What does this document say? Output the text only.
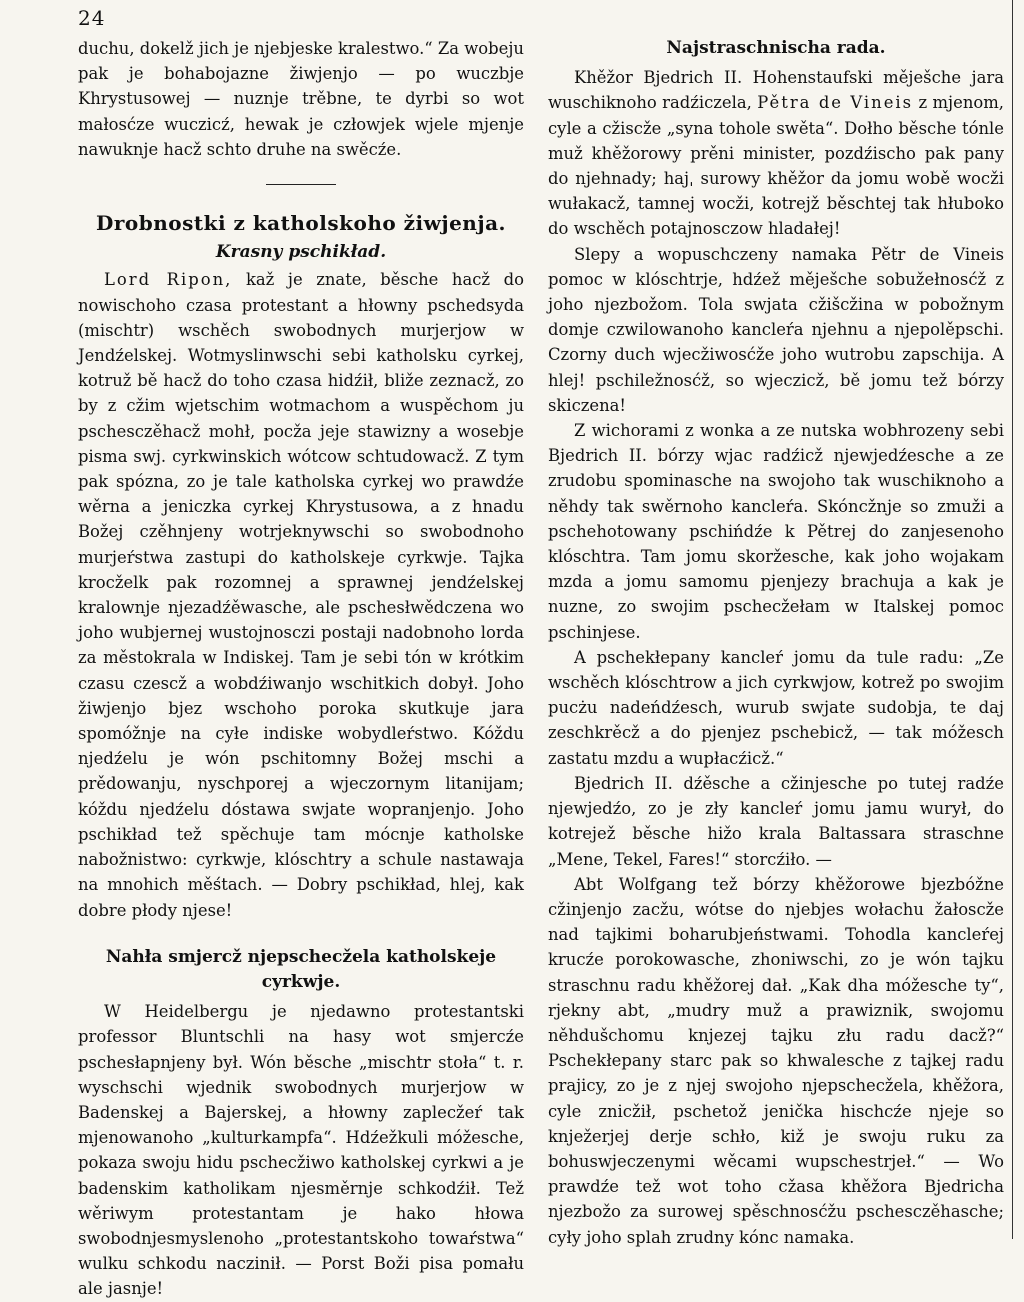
24

duchu, dokelž jich je njebjeske kralestwo.“ Za wobeju pak je bohabojazne žiwjenjo — po wuczbje Khrystusowej — nuznje trěbne, te dyrbi so wot małosćze wuczicź, hewak je człowjek wjele mjenje nawuknje hacž schto druhe na swěcźe.

Drobnostki z katholskoho žiwjenja.
Krasny pschikład.

Lord Ripon, kaž je znate, běsche hacž do nowischoho czasa protestant a hłowny pschedsyda (mischtr) wschěch swobodnych murjerjow w Jendźelskej. Wotmyslinwschi sebi katholsku cyrkej, kotruž bě hacž do toho czasa hidźił, bliže zeznacž, zo by z cžim wjetschim wotmachom a wuspěchom ju pschesczěhacž mohł, pocža jeje stawizny a wosebje pisma swj. cyrkwinskich wótcow schtudowacž. Z tym pak spózna, zo je tale katholska cyrkej wo prawdźe wěrna a jeniczka cyrkej Khrystusowa, a z hnadu Božej czěhnjeny wotrjeknywschi so swobodnoho murjeŕstwa zastupi do katholskeje cyrkwje. Tajka krocželk pak rozomnej a sprawnej jendźelskej kralownje njezadźěwasche, ale pschesłwědczena wo joho wubjernej wustojnosczi postaji nadobnoho lorda za městokrala w Indiskej. Tam je sebi tón w krótkim czasu czescž a wobdźiwanjo wschitkich dobył. Joho žiwjenjo bjez wschoho poroka skutkuje jara spomóžnje na cyłe indiske wobydleŕstwo. Kóždu njedźelu je wón pschitomny Božej mschi a prědowanju, nyschporej a wjeczornym litanijam; kóždu njedźelu dóstawa swjate wopranjenjo. Joho pschikład tež spěchuje tam mócnje katholske nabožnistwo: cyrkwje, klóschtry a schule nastawaja na mnohich měśtach. — Dobry pschikład, hlej, kak dobre płody njese!

Nahła smjercž njepschecžela katholskeje cyrkwje.

W Heidelbergu je njedawno protestantski professor Bluntschli na hasy wot smjercźe pschesłapnjeny był. Wón běsche „mischtr stoła“ t. r. wyschschi wjednik swobodnych murjerjow w Badenskej a Bajerskej, a hłowny zaplecžeŕ tak mjenowanoho „kulturkampfa“. Hdźežkuli móžesche, pokaza swoju hidu pschecžiwo katholskej cyrkwi a je badenskim katholikam njesměrnje schkodźił. Tež wěriwym protestantam je hako hłowa swobodnjesmyslenoho „protestantskoho towaŕstwa“ wulku schkodu naczinił. — Porst Boži pisa pomału ale jasnje!

Najstraschnischa rada.

Khěžor Bjedrich II. Hohenstaufski měješche jara wuschiknoho radźiczela, Pětra de Vineis z mjenom, cyle a cžiscže „syna tohole swěta“. Dołho běsche tónle muž khěžorowy prěni minister, pozdźischo pak pany do njehnady; hajˌ surowy khěžor da jomu wobě wocži wułakacž, tamnej wocži, kotrejž běschtej tak hłuboko do wschěch potajnosczow hladałej!

Slepy a wopuschczeny namaka Pětr de Vineis pomoc w klóschtrje, hdźež měješche sobužełnosćž z joho njezbožom. Tola swjata cžišcžina w pobožnym domje czwilowanoho kancleŕa njehnu a njepolěpschi. Czorny duch wjecžiwosćže joho wutrobu zapschija. A hlej! pschiležnosćž, so wjeczicž, bě jomu tež bórzy skiczena!

Z wichorami z wonka a ze nutska wobhrozeny sebi Bjedrich II. bórzy wjac radźicž njewjedźesche a ze zrudobu spominasche na swojoho tak wuschiknoho a něhdy tak swěrnoho kancleŕa. Skóncžnje so zmuži a pschehotowany pschińdźe k Pětrej do zanjesenoho klóschtra. Tam jomu skoržesche, kak joho wojakam mzda a jomu samomu pjenjezy brachuja a kak je nuzne, zo swojim pschecžełam w Italskej pomoc pschinjese.

A pschekłepany kancleŕ jomu da tule radu: „Ze wschěch klóschtrow a jich cyrkwjow, kotrež po swojim pucżu nadeńdźesch, wurub swjate sudobja, te daj zeschkrěcž a do pjenjez pschebicž, — tak móžesch zastatu mzdu a wupłacźicž.“

Bjedrich II. dźěsche a cžinjesche po tutej radźe njewjedźo, zo je zły kancleŕ jomu jamu wurył, do kotrejež běsche hižo krala Baltassara straschne „Mene, Tekel, Fares!“ storcźiło. —

Abt Wolfgang tež bórzy khěžorowe bjezbóžne cžinjenjo zacžu, wótse do njebjes wołachu žałoscže nad tajkimi boharubjeństwami. Tohodla kancleŕej krucźe porokowasche, zhoniwschi, zo je wón tajku straschnu radu khěžorej dał. „Kak dha móžesche ty“, rjekny abt, „mudry muž a prawiznik, swojomu něhdušchomu knjezej tajku złu radu dacž?“ Pschekłepany starc pak so khwalesche z tajkej radu prajicy, zo je z njej swojoho njepschecžela, khěžora, cyle znicžił, pschetož jenička hischcźe njeje so knježerjej derje schło, kiž je swoju ruku za bohuswjeczenymi wěcami wupschestrjeł.“ — Wo prawdźe tež wot toho cžasa khěžora Bjedricha njezbožo za surowej spěschnosćžu pschesczěhasche; cyły joho splah zrudny kónc namaka.
